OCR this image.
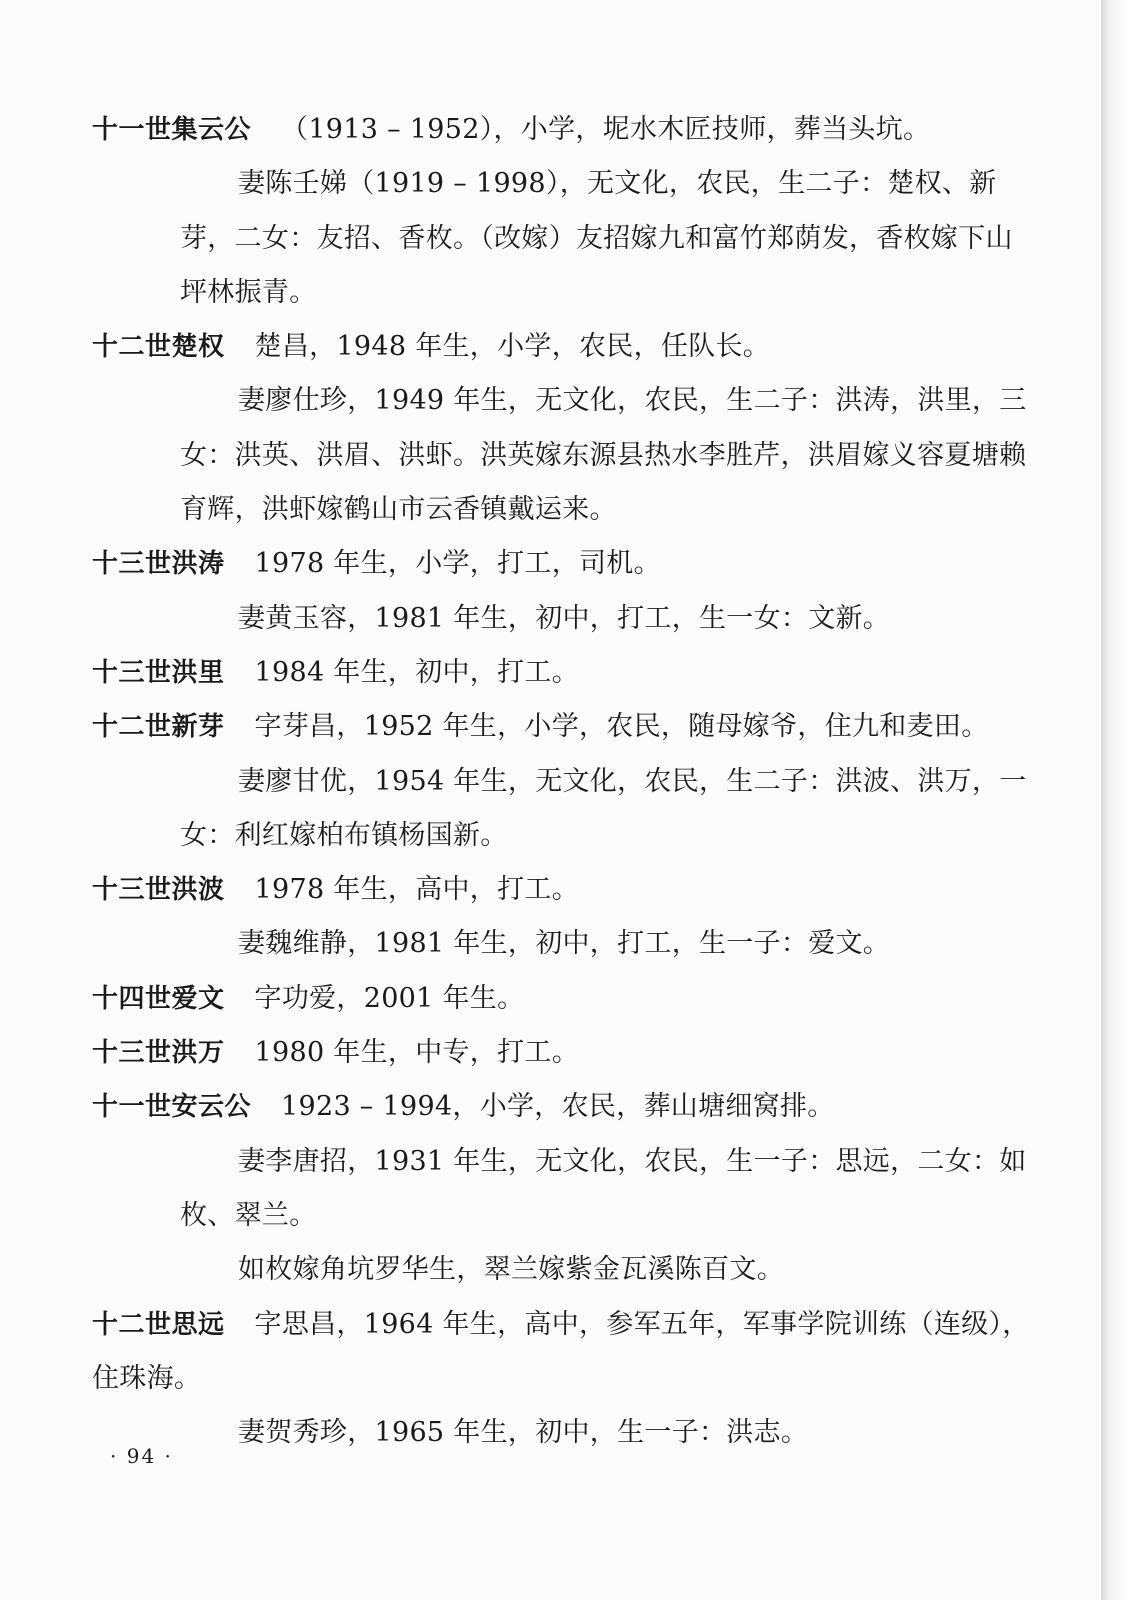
十一世集云公 （1913 – 1952），小学，坭水木匠技师，葬当头坑。

妻陈壬娣（1919 – 1998），无文化，农民，生二子：楚权、新芽，二女：友招、香枚。（改嫁）友招嫁九和富竹郑荫发，香枚嫁下山坪林振青。

十二世楚权 楚昌，1948 年生，小学，农民，任队长。

妻廖仕珍，1949 年生，无文化，农民，生二子：洪涛，洪里，三女：洪英、洪眉、洪虾。洪英嫁东源县热水李胜芹，洪眉嫁义容夏塘赖育辉，洪虾嫁鹤山市云香镇戴运来。

十三世洪涛 1978 年生，小学，打工，司机。

妻黄玉容，1981 年生，初中，打工，生一女：文新。

十三世洪里 1984 年生，初中，打工。

十二世新芽 字芽昌，1952 年生，小学，农民，随母嫁爷，住九和麦田。

妻廖甘优，1954 年生，无文化，农民，生二子：洪波、洪万，一女：利红嫁柏布镇杨国新。

十三世洪波 1978 年生，高中，打工。

妻魏维静，1981 年生，初中，打工，生一子：爱文。

十四世爱文 字功爱，2001 年生。

十三世洪万 1980 年生，中专，打工。

十一世安云公 1923 – 1994，小学，农民，葬山塘细窝排。

妻李唐招，1931 年生，无文化，农民，生一子：思远，二女：如枚、翠兰。

如枚嫁角坑罗华生，翠兰嫁紫金瓦溪陈百文。

十二世思远 字思昌，1964 年生，高中，参军五年，军事学院训练（连级），住珠海。

妻贺秀珍，1965 年生，初中，生一子：洪志。

· 94 ·
